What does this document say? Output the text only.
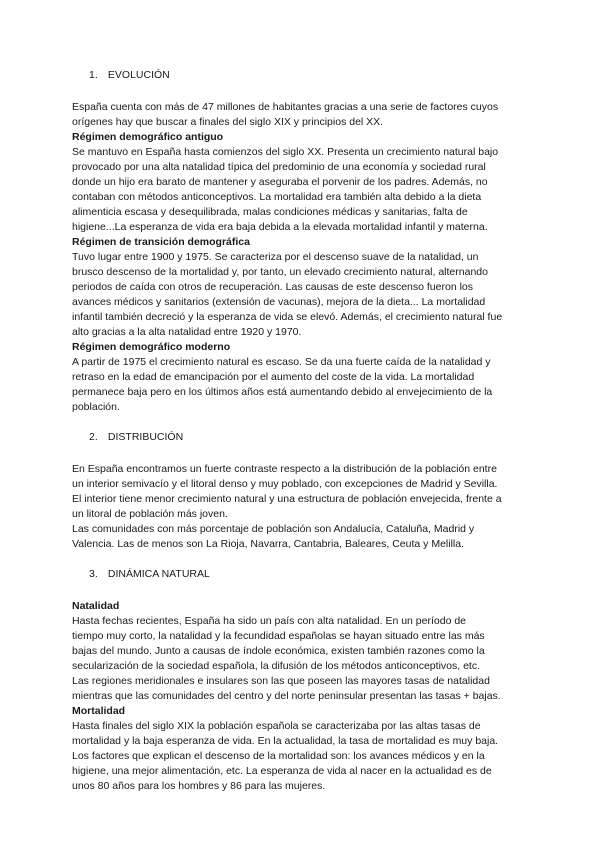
1. EVOLUCIÓN

España cuenta con más de 47 millones de habitantes gracias a una serie de factores cuyos
orígenes hay que buscar a finales del siglo XIX y principios del XX.

Régimen demográfico antiguo

Se mantuvo en España hasta comienzos del siglo XX. Presenta un crecimiento natural bajo
provocado por una alta natalidad típica del predominio de una economía y sociedad rural
donde un hijo era barato de mantener y aseguraba el porvenir de los padres. Además, no
contaban con métodos anticonceptivos. La mortalidad era también alta debido a la dieta
alimenticia escasa y desequilibrada, malas condiciones médicas y sanitarias, falta de
higiene...La esperanza de vida era baja debida a la elevada mortalidad infantil y materna.

Régimen de transición demográfica

Tuvo lugar entre 1900 y 1975. Se caracteriza por el descenso suave de la natalidad, un
brusco descenso de la mortalidad y, por tanto, un elevado crecimiento natural, alternando
periodos de caída con otros de recuperación. Las causas de este descenso fueron los
avances médicos y sanitarios (extensión de vacunas), mejora de la dieta... La mortalidad
infantil también decreció y la esperanza de vida se elevó. Además, el crecimiento natural fue
alto gracias a la alta natalidad entre 1920 y 1970.

Régimen demográfico moderno

A partir de 1975 el crecimiento natural es escaso. Se da una fuerte caída de la natalidad y
retraso en la edad de emancipación por el aumento del coste de la vida. La mortalidad
permanece baja pero en los últimos años está aumentando debido al envejecimiento de la
población.

2. DISTRIBUCIÓN

En España encontramos un fuerte contraste respecto a la distribución de la población entre
un interior semivacío y el litoral denso y muy poblado, con excepciones de Madrid y Sevilla.
El interior tiene menor crecimiento natural y una estructura de población envejecida, frente a
un litoral de población más joven.

Las comunidades con más porcentaje de población son Andalucía, Cataluña, Madrid y
Valencia. Las de menos son La Rioja, Navarra, Cantabria, Baleares, Ceuta y Melilla.

3. DINÁMICA NATURAL

Natalidad

Hasta fechas recientes, España ha sido un país con alta natalidad. En un período de
tiempo muy corto, la natalidad y la fecundidad españolas se hayan situado entre las más
bajas del mundo. Junto a causas de índole económica, existen también razones como la
secularización de la sociedad española, la difusión de los métodos anticonceptivos, etc.
Las regiones meridionales e insulares son las que poseen las mayores tasas de natalidad
mientras que las comunidades del centro y del norte peninsular presentan las tasas + bajas.

Mortalidad

Hasta finales del siglo XIX la población española se caracterizaba por las altas tasas de
mortalidad y la baja esperanza de vida. En la actualidad, la tasa de mortalidad es muy baja.
Los factores que explican el descenso de la mortalidad son: los avances médicos y en la
higiene, una mejor alimentación, etc. La esperanza de vida al nacer en la actualidad es de
unos 80 años para los hombres y 86 para las mujeres.
